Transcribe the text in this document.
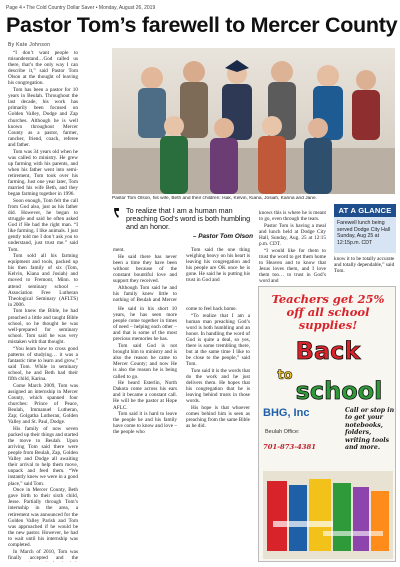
Page 4 • The Cold Country Dollar Saver • Monday, August 26, 2019
Pastor Tom’s farewell to Mercer County
By Kate Johnson

“I don’t want people to misunderstand…God called us there, that’s the only way I can describe it,” said Pastor Tom Olson at the thought of leaving his congregation.

Tom has been a pastor for 10 years in Beulah. Throughout the last decade, his work has primarily been focused on Golden Valley, Dodge and Zap churches. Although he is well known throughout Mercer County as a pastor, farmer, rancher, friend, coach, referee and father.

Tom was 34 years old when he was called to ministry. He grew up farming with his parents, and when his father went into semi-retirement, Tom took over his farming. Just one year later, Tom married his wife Beth, and they began farming together in 1996.

Soon enough, Tom felt the call from God also, just as his father did. However, he began to struggle and said he often asked God if He had the right man. “I like farming. I like animals. I just gently told me I don’t ask you to understand, just trust me.” said Tom.

Tom sold all his farming equipment and tools, packed up his then family of six (Tom, Kelvin, Kiana and Josiah) and moved to Fremont, Minn. to attend seminary school – Association Free Lutheran Theological Seminary (AFLTS) in 2006.

Tom knew the Bible, he had preached a little and taught Bible school, so he thought he was well-prepared for seminary school. Tom said he was very mistaken with that thought.

“You learn how to cross good patterns of studying… it was a fantastic time to learn and grow,” said Tom. While in seminary school, he and Beth had their fifth child, Karina.

Come March 2009, Tom was assigned an internship in Mercer County, which spanned four churches: Prince of Peace, Beulah, Immanuel Lutheran, Zap; Golgatha Lutheran, Golden Valley and St. Paul, Dodge.

His family of now seven packed up their things and started the move to Beulah. Upon arriving Tom said there were people from Beulah, Zap, Golden Valley and Dodge all awaiting their arrival to help them move, unpack and feed them. “We instantly knew we were in a good place,” said Tom.

Once in Mercer County, Beth gave birth to their sixth child, Jesse. Partially through Tom’s internship in the area, a retirement was announced for the Golden Valley Parish and Tom was approached if he would be the new pastor. However, he had to wait until his internship was completed.

In March of 2010, Tom was finally accepted and the

Pastor Tom Olson, his wife, Beth and their children: Isak, Kelvin, Kiana, Josiah, Karina and Jane.
To realize that I am a human man preaching God’s word is both humbling and an honor.
– Pastor Tom Olson

ment.

He said there has never been a time they have been without because of the constant bountiful love and support they received.

Although Tom said he and his family knew little to nothing of Beulah and Mercer

Tom said the one thing weighing heavy on his heart is leaving his congregation and his people are OK once he is gone. He said he is putting his trust in God and

knows this is where he is meant to go, even through the tears.

Pastor Tom is having a meal and lunch held at Dodge City Hall, Sunday, Aug. 25 at 12:15 p.m. CDT.

“I would like for them to trust the word to get them home to Heaven and to know that Jesus loves them, and I love them too… to trust in God’s word and

AT A GLANCE
Farewell lunch being served Dodge City Hall Sunday, Aug 25 at 12:15p.m. CDT
know it to be totally accurate and totally dependable,” said Tom.

He said in his short 10 years, he has seen more people come together in times of need – helping each other – and that is some of the most precious memories he has.

Tom said God is not brought him to ministry and is also the reason he came to Mercer County; and now He is also the reason he is being called to go.

He heard Esterlin, North Dakota come across his ears and it became a constant call. He will be the pastor at Hope AFLC.

Tom said it is hard to leave the people he and his family have come to know and love – the people who

come to feel back home.

“To realize that I am a human man preaching God’s word is both humbling and an honor. In handling the word of God is quite a deal, so yes, there is some trembling there, but at the same time I like to be close to the people,” said Tom.

Tom said it is the words that do the work and he just delivers them. He hopes that his congregation that he is leaving behind trusts in those words.

His hope is that whoever comes behind him is seen as preaching from the same Bible as he did.

Teachers get 25% off all school supplies!
Back
to
school
BHG, Inc
Beulah Office:
701-873-4381
Call or stop in to get your notebooks, folders, writing tools and more.
